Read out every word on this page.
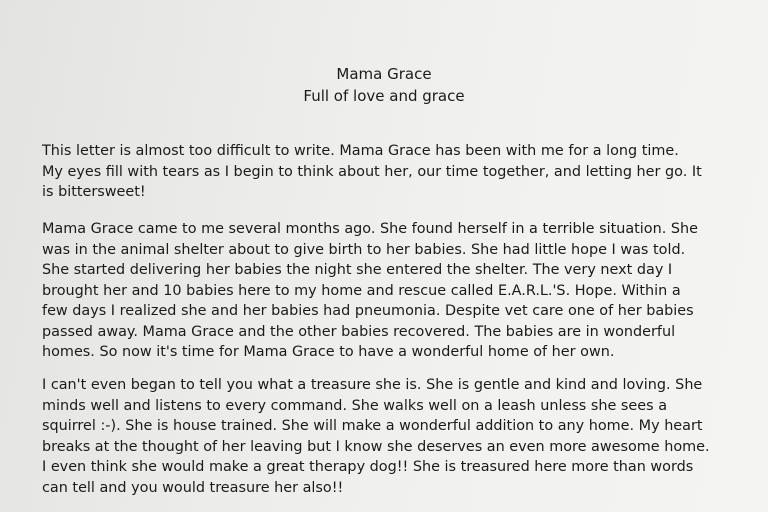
Mama Grace
Full of love and grace
This letter is almost too difficult to write. Mama Grace has been with me for a long time.
My eyes fill with tears as I begin to think about her, our time together, and letting her go. It
is bittersweet!
Mama Grace came to me several months ago. She found herself in a terrible situation. She
was in the animal shelter about to give birth to her babies. She had little hope I was told.
She started delivering her babies the night she entered the shelter. The very next day I
brought her and 10 babies here to my home and rescue called E.A.R.L.'S. Hope. Within a
few days I realized she and her babies had pneumonia. Despite vet care one of her babies
passed away. Mama Grace and the other babies recovered. The babies are in wonderful
homes. So now it's time for Mama Grace to have a wonderful home of her own.
I can't even began to tell you what a treasure she is. She is gentle and kind and loving. She
minds well and listens to every command. She walks well on a leash unless she sees a
squirrel :-). She is house trained. She will make a wonderful addition to any home. My heart
breaks at the thought of her leaving but I know she deserves an even more awesome home.
I even think she would make a great therapy dog!! She is treasured here more than words
can tell and you would treasure her also!!
